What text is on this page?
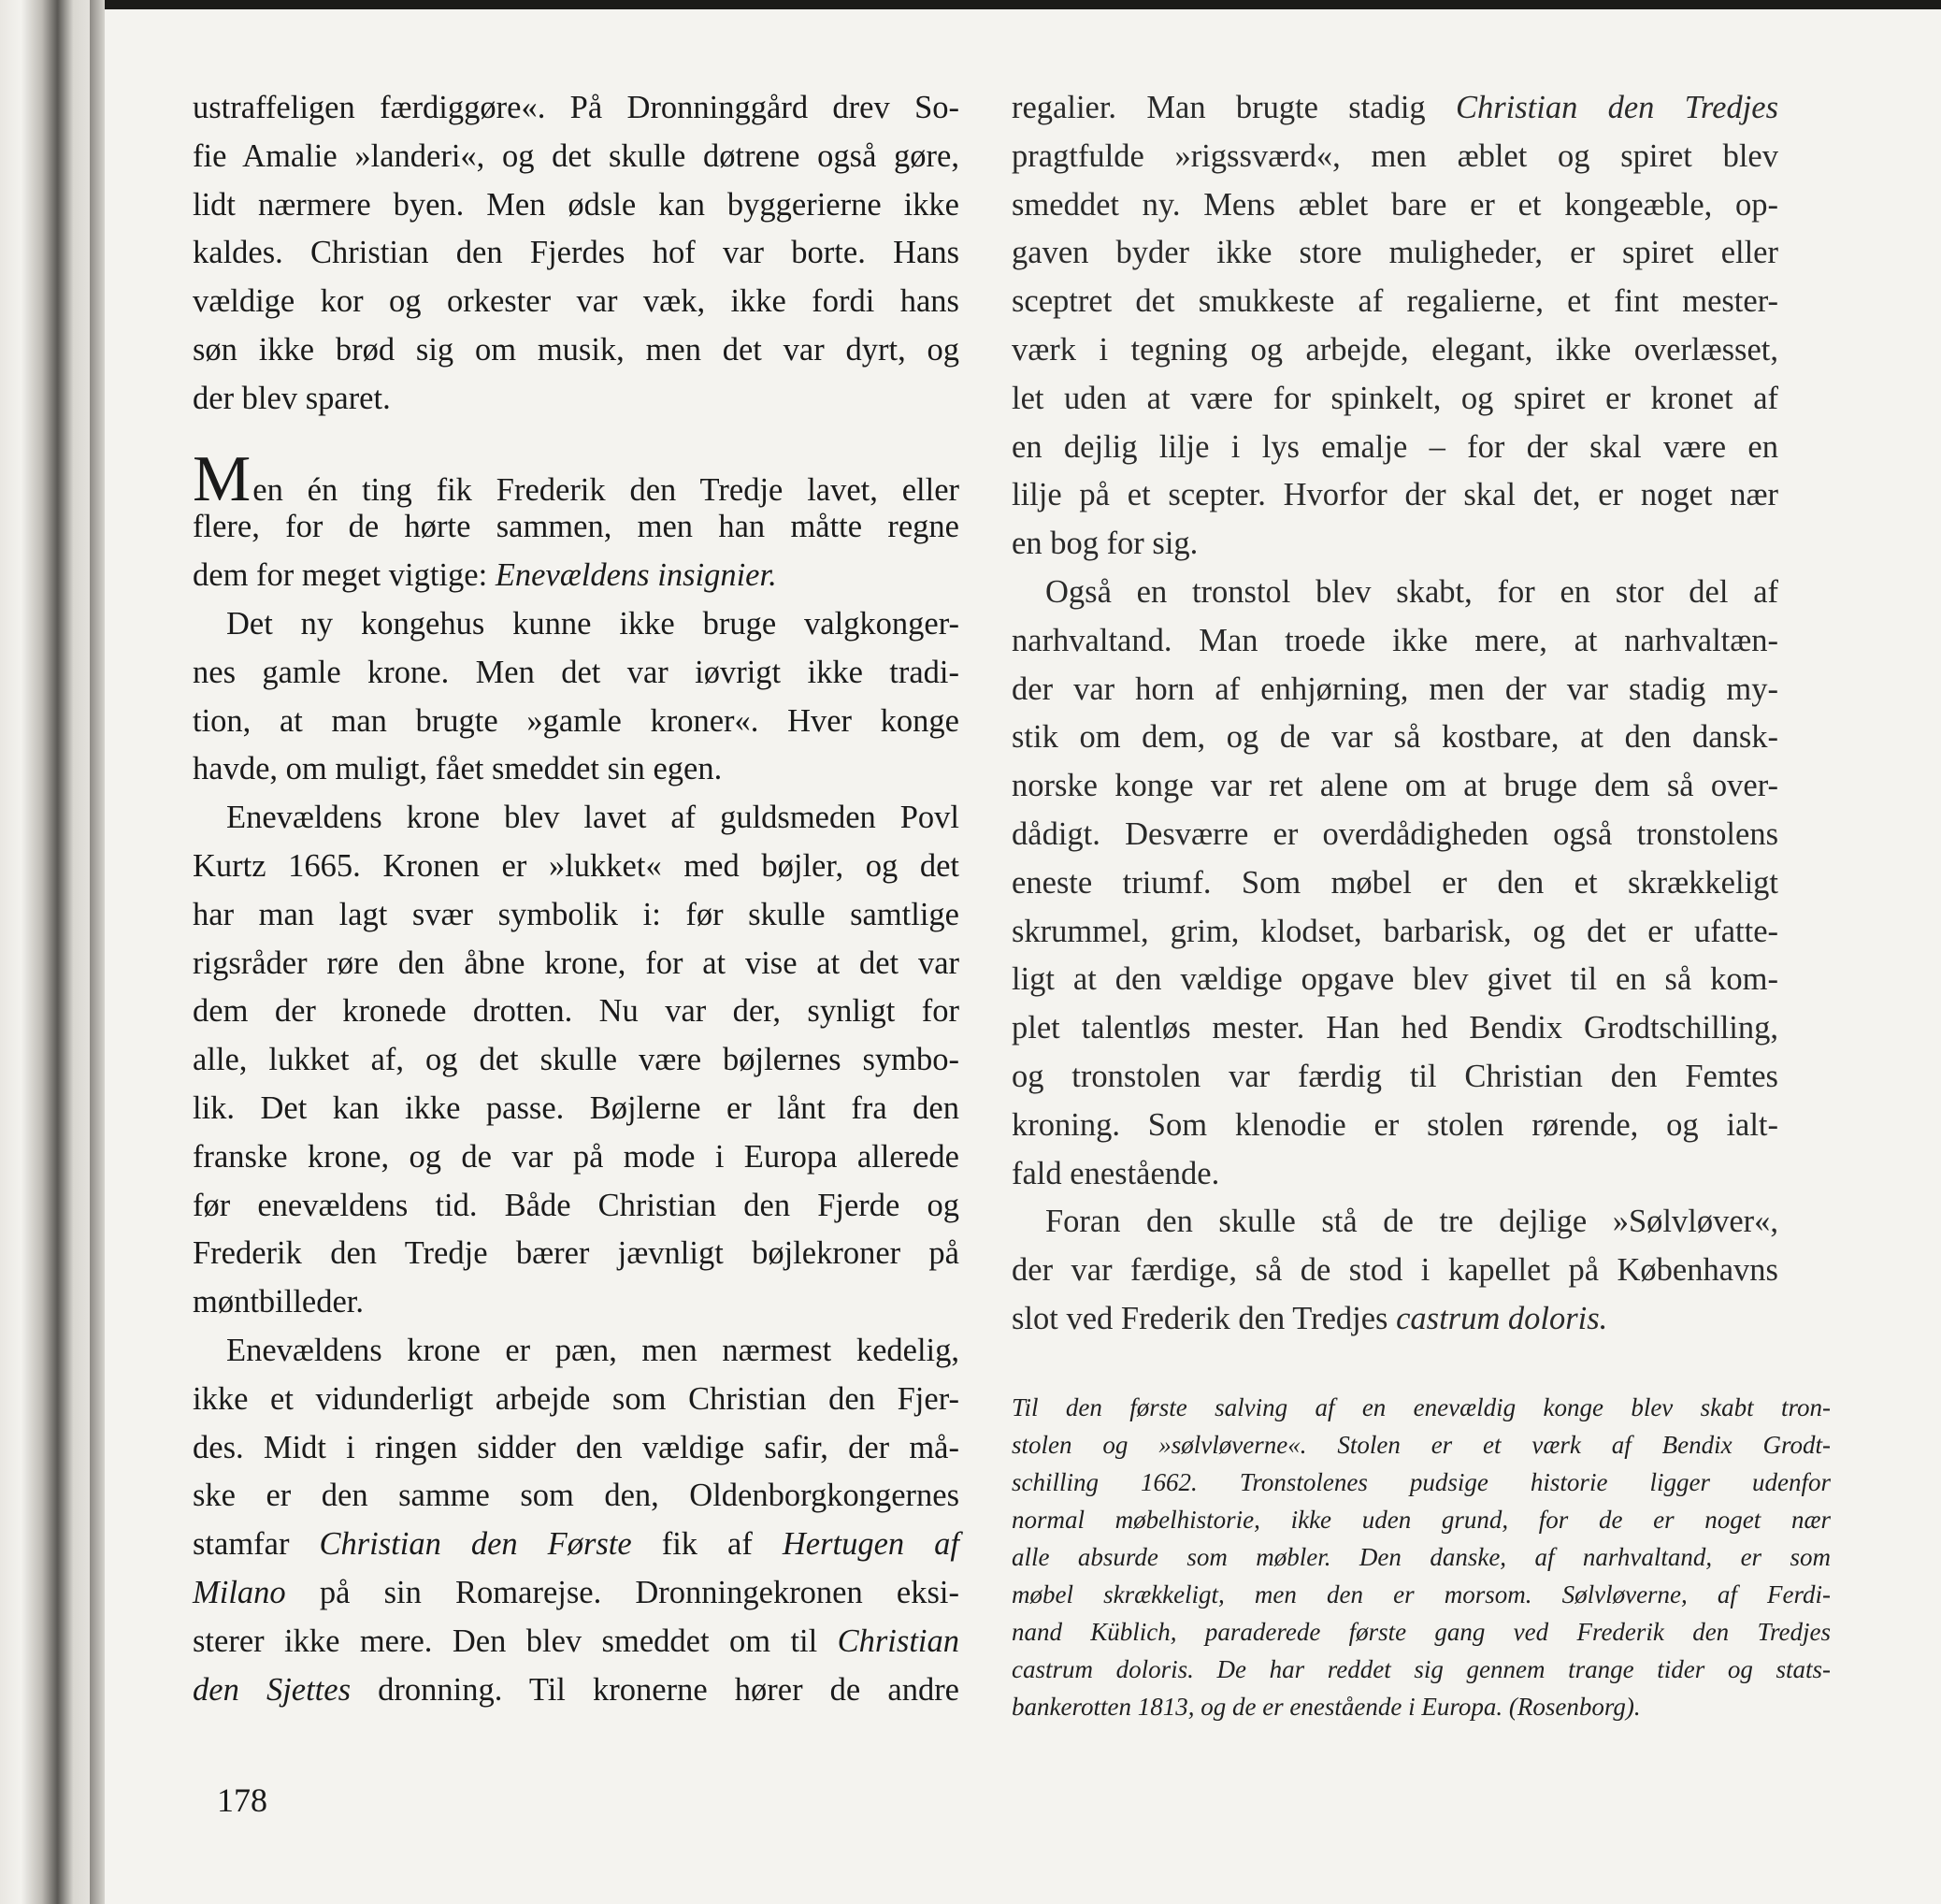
ustraffeligen færdiggøre«. På Dronninggård drev So-
fie Amalie »landeri«, og det skulle døtrene også gøre,
lidt nærmere byen. Men ødsle kan byggerierne ikke
kaldes. Christian den Fjerdes hof var borte. Hans
vældige kor og orkester var væk, ikke fordi hans
søn ikke brød sig om musik, men det var dyrt, og
der blev sparet.
Men én ting fik Frederik den Tredje lavet, eller
flere, for de hørte sammen, men han måtte regne
dem for meget vigtige: Enevældens insignier.
Det ny kongehus kunne ikke bruge valgkonger-
nes gamle krone. Men det var iøvrigt ikke tradi-
tion, at man brugte »gamle kroner«. Hver konge
havde, om muligt, fået smeddet sin egen.
Enevældens krone blev lavet af guldsmeden Povl
Kurtz 1665. Kronen er »lukket« med bøjler, og det
har man lagt svær symbolik i: før skulle samtlige
rigsråder røre den åbne krone, for at vise at det var
dem der kronede drotten. Nu var der, synligt for
alle, lukket af, og det skulle være bøjlernes symbo-
lik. Det kan ikke passe. Bøjlerne er lånt fra den
franske krone, og de var på mode i Europa allerede
før enevældens tid. Både Christian den Fjerde og
Frederik den Tredje bærer jævnligt bøjlekroner på
møntbilleder.
Enevældens krone er pæn, men nærmest kedelig,
ikke et vidunderligt arbejde som Christian den Fjer-
des. Midt i ringen sidder den vældige safir, der må-
ske er den samme som den, Oldenborgkongernes
stamfar Christian den Første fik af Hertugen af
Milano på sin Romarejse. Dronningekronen eksi-
sterer ikke mere. Den blev smeddet om til Christian
den Sjettes dronning. Til kronerne hører de andre
regalier. Man brugte stadig Christian den Tredjes
pragtfulde »rigssværd«, men æblet og spiret blev
smeddet ny. Mens æblet bare er et kongeæble, op-
gaven byder ikke store muligheder, er spiret eller
sceptret det smukkeste af regalierne, et fint mester-
værk i tegning og arbejde, elegant, ikke overlæsset,
let uden at være for spinkelt, og spiret er kronet af
en dejlig lilje i lys emalje – for der skal være en
lilje på et scepter. Hvorfor der skal det, er noget nær
en bog for sig.
Også en tronstol blev skabt, for en stor del af
narhvaltand. Man troede ikke mere, at narhvaltæn-
der var horn af enhjørning, men der var stadig my-
stik om dem, og de var så kostbare, at den dansk-
norske konge var ret alene om at bruge dem så over-
dådigt. Desværre er overdådigheden også tronstolens
eneste triumf. Som møbel er den et skrækkeligt
skrummel, grim, klodset, barbarisk, og det er ufatte-
ligt at den vældige opgave blev givet til en så kom-
plet talentløs mester. Han hed Bendix Grodtschilling,
og tronstolen var færdig til Christian den Femtes
kroning. Som klenodie er stolen rørende, og ialt-
fald enestående.
Foran den skulle stå de tre dejlige »Sølvløver«,
der var færdige, så de stod i kapellet på Københavns
slot ved Frederik den Tredjes castrum doloris.
Til den første salving af en enevældig konge blev skabt tron-
stolen og »sølvløverne«. Stolen er et værk af Bendix Grodt-
schilling 1662. Tronstolenes pudsige historie ligger udenfor
normal møbelhistorie, ikke uden grund, for de er noget nær
alle absurde som møbler. Den danske, af narhvaltand, er som
møbel skrækkeligt, men den er morsom. Sølvløverne, af Ferdi-
nand Küblich, paraderede første gang ved Frederik den Tredjes
castrum doloris. De har reddet sig gennem trange tider og stats-
bankerotten 1813, og de er enestående i Europa. (Rosenborg).
178
